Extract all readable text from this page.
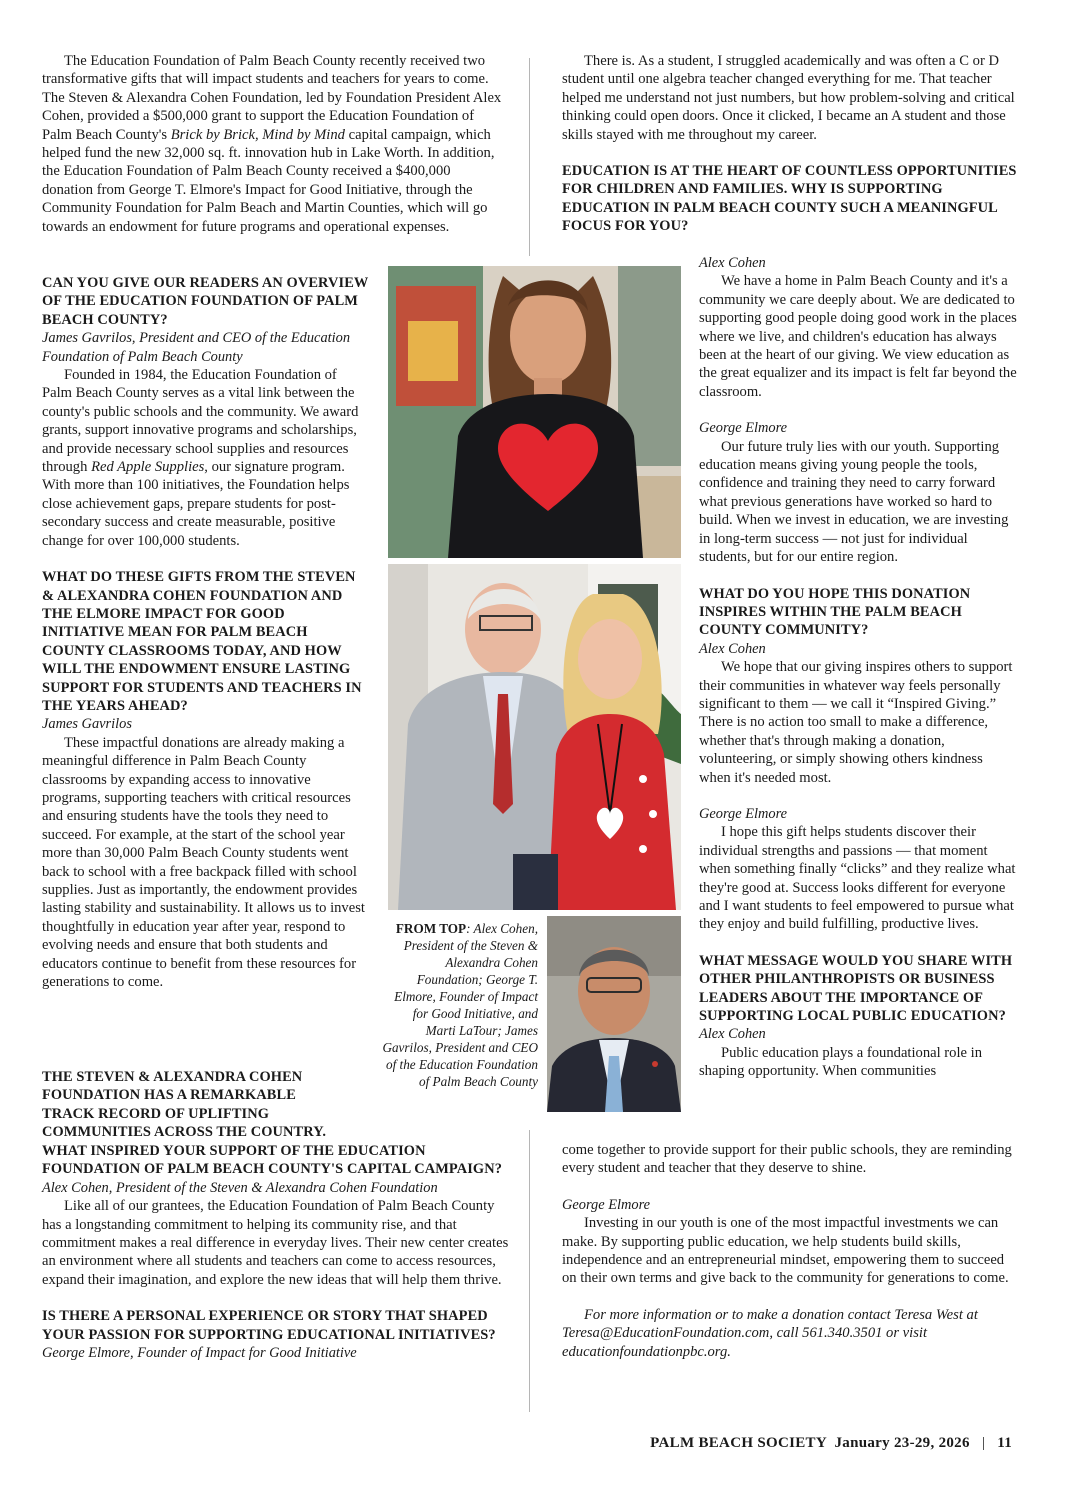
The Education Foundation of Palm Beach County recently received two transformative gifts that will impact students and teachers for years to come. The Steven & Alexandra Cohen Foundation, led by Foundation President Alex Cohen, provided a $500,000 grant to support the Education Foundation of Palm Beach County's Brick by Brick, Mind by Mind capital campaign, which helped fund the new 32,000 sq. ft. innovation hub in Lake Worth. In addition, the Education Foundation of Palm Beach County received a $400,000 donation from George T. Elmore's Impact for Good Initiative, through the Community Foundation for Palm Beach and Martin Counties, which will go towards an endowment for future programs and operational expenses.

CAN YOU GIVE OUR READERS AN OVERVIEW OF THE EDUCATION FOUNDATION OF PALM BEACH COUNTY?

James Gavrilos, President and CEO of the Education Foundation of Palm Beach County

Founded in 1984, the Education Foundation of Palm Beach County serves as a vital link between the county's public schools and the community. We award grants, support innovative programs and scholarships, and provide necessary school supplies and resources through Red Apple Supplies, our signature program. With more than 100 initiatives, the Foundation helps close achievement gaps, prepare students for post-secondary success and create measurable, positive change for over 100,000 students.

WHAT DO THESE GIFTS FROM THE STEVEN & ALEXANDRA COHEN FOUNDATION AND THE ELMORE IMPACT FOR GOOD INITIATIVE MEAN FOR PALM BEACH COUNTY CLASSROOMS TODAY, AND HOW WILL THE ENDOWMENT ENSURE LASTING SUPPORT FOR STUDENTS AND TEACHERS IN THE YEARS AHEAD?

James Gavrilos

These impactful donations are already making a meaningful difference in Palm Beach County classrooms by expanding access to innovative programs, supporting teachers with critical resources and ensuring students have the tools they need to succeed. For example, at the start of the school year more than 30,000 Palm Beach County students went back to school with a free backpack filled with school supplies. Just as importantly, the endowment provides lasting stability and sustainability. It allows us to invest thoughtfully in education year after year, respond to evolving needs and ensure that both students and educators continue to benefit from these resources for generations to come.

THE STEVEN & ALEXANDRA COHEN FOUNDATION HAS A REMARKABLE TRACK RECORD OF UPLIFTING COMMUNITIES ACROSS THE COUNTRY.

WHAT INSPIRED YOUR SUPPORT OF THE EDUCATION FOUNDATION OF PALM BEACH COUNTY'S CAPITAL CAMPAIGN?

Alex Cohen, President of the Steven & Alexandra Cohen Foundation

Like all of our grantees, the Education Foundation of Palm Beach County has a longstanding commitment to helping its community rise, and that commitment makes a real difference in everyday lives. Their new center creates an environment where all students and teachers can come to access resources, expand their imagination, and explore the new ideas that will help them thrive.

IS THERE A PERSONAL EXPERIENCE OR STORY THAT SHAPED YOUR PASSION FOR SUPPORTING EDUCATIONAL INITIATIVES?

George Elmore, Founder of Impact for Good Initiative

There is. As a student, I struggled academically and was often a C or D student until one algebra teacher changed everything for me. That teacher helped me understand not just numbers, but how problem-solving and critical thinking could open doors. Once it clicked, I became an A student and those skills stayed with me throughout my career.

EDUCATION IS AT THE HEART OF COUNTLESS OPPORTUNITIES FOR CHILDREN AND FAMILIES. WHY IS SUPPORTING EDUCATION IN PALM BEACH COUNTY SUCH A MEANINGFUL FOCUS FOR YOU?

Alex Cohen

We have a home in Palm Beach County and it's a community we care deeply about. We are dedicated to supporting good people doing good work in the places where we live, and children's education has always been at the heart of our giving. We view education as the great equalizer and its impact is felt far beyond the classroom.

George Elmore

Our future truly lies with our youth. Supporting education means giving young people the tools, confidence and training they need to carry forward what previous generations have worked so hard to build. When we invest in education, we are investing in long-term success — not just for individual students, but for our entire region.

WHAT DO YOU HOPE THIS DONATION INSPIRES WITHIN THE PALM BEACH COUNTY COMMUNITY?

Alex Cohen

We hope that our giving inspires others to support their communities in whatever way feels personally significant to them — we call it “Inspired Giving.” There is no action too small to make a difference, whether that's through making a donation, volunteering, or simply showing others kindness when it's needed most.

George Elmore

I hope this gift helps students discover their individual strengths and passions — that moment when something finally “clicks” and they realize what they're good at. Success looks different for everyone and I want students to feel empowered to pursue what they enjoy and build fulfilling, productive lives.

WHAT MESSAGE WOULD YOU SHARE WITH OTHER PHILANTHROPISTS OR BUSINESS LEADERS ABOUT THE IMPORTANCE OF SUPPORTING LOCAL PUBLIC EDUCATION?

Alex Cohen

Public education plays a foundational role in shaping opportunity. When communities

come together to provide support for their public schools, they are reminding every student and teacher that they deserve to shine.

George Elmore

Investing in our youth is one of the most impactful investments we can make. By supporting public education, we help students build skills, independence and an entrepreneurial mindset, empowering them to succeed on their own terms and give back to the community for generations to come.

For more information or to make a donation contact Teresa West at Teresa@EducationFoundation.com, call 561.340.3501 or visit educationfoundationpbc.org.

FROM TOP: Alex Cohen, President of the Steven & Alexandra Cohen Foundation; George T. Elmore, Founder of Impact for Good Initiative, and Marti LaTour; James Gavrilos, President and CEO of the Education Foundation of Palm Beach County

PALM BEACH SOCIETY January 23-29, 2026 | 11
